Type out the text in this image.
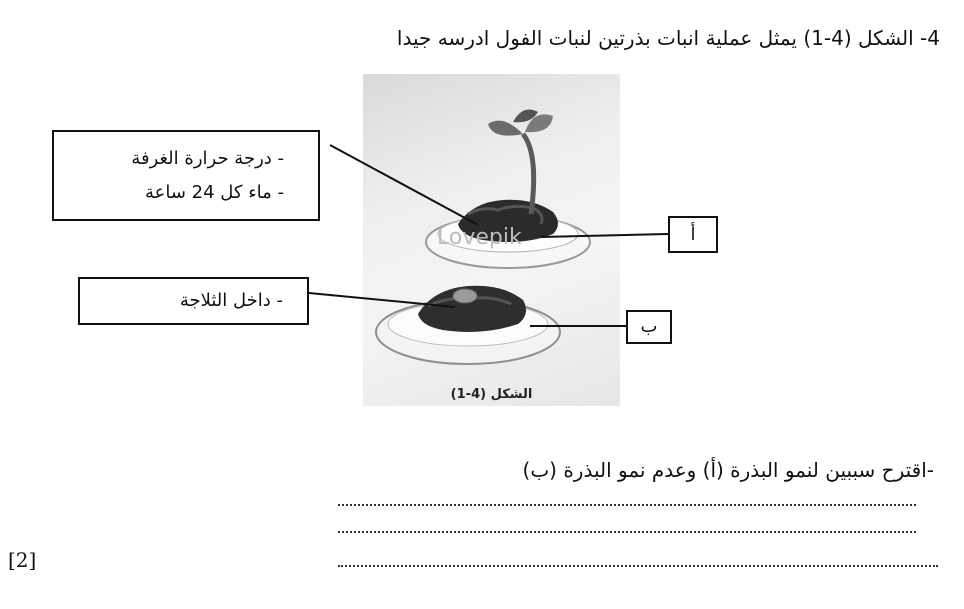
4- الشكل (4-1) يمثل عملية انبات بذرتين لنبات الفول ادرسه جيدا
Lovepik
الشكل (4-1)
- درجة حرارة الغرفة
- ماء كل 24 ساعة
- داخل الثلاجة
أ
ب
-اقترح سببين لنمو البذرة (أ) وعدم نمو البذرة (ب)
[2]
